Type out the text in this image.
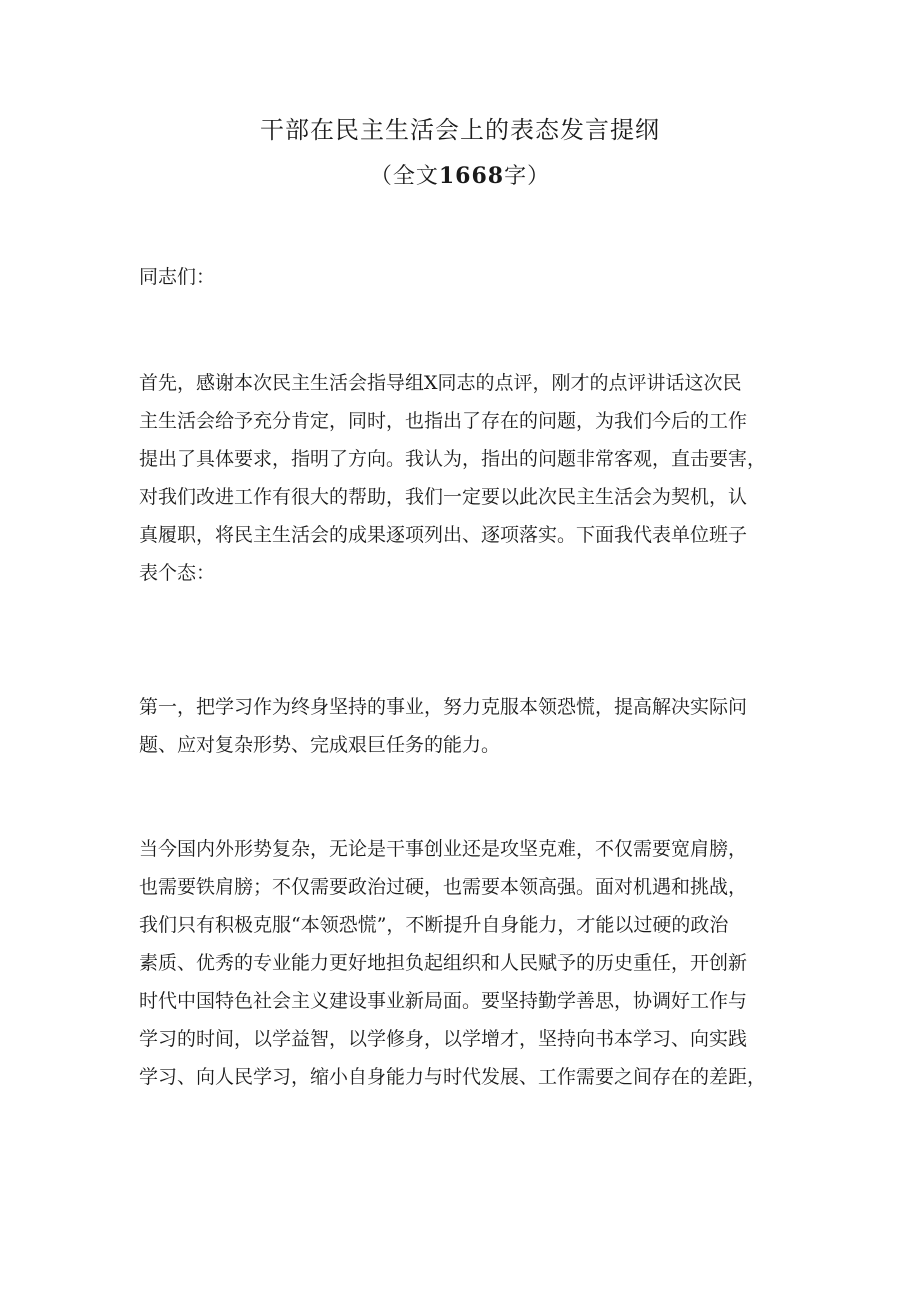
干部在民主生活会上的表态发言提纲
（全文1668字）
同志们：
首先，感谢本次民主生活会指导组X同志的点评，刚才的点评讲话这次民
主生活会给予充分肯定，同时，也指出了存在的问题，为我们今后的工作
提出了具体要求，指明了方向。我认为，指出的问题非常客观，直击要害，
对我们改进工作有很大的帮助，我们一定要以此次民主生活会为契机，认
真履职，将民主生活会的成果逐项列出、逐项落实。下面我代表单位班子
表个态：
第一，把学习作为终身坚持的事业，努力克服本领恐慌，提高解决实际问
题、应对复杂形势、完成艰巨任务的能力。
当今国内外形势复杂，无论是干事创业还是攻坚克难，不仅需要宽肩膀，
也需要铁肩膀；不仅需要政治过硬，也需要本领高强。面对机遇和挑战，
我们只有积极克服“本领恐慌”，不断提升自身能力，才能以过硬的政治
素质、优秀的专业能力更好地担负起组织和人民赋予的历史重任，开创新
时代中国特色社会主义建设事业新局面。要坚持勤学善思，协调好工作与
学习的时间，以学益智，以学修身，以学增才，坚持向书本学习、向实践
学习、向人民学习，缩小自身能力与时代发展、工作需要之间存在的差距，
